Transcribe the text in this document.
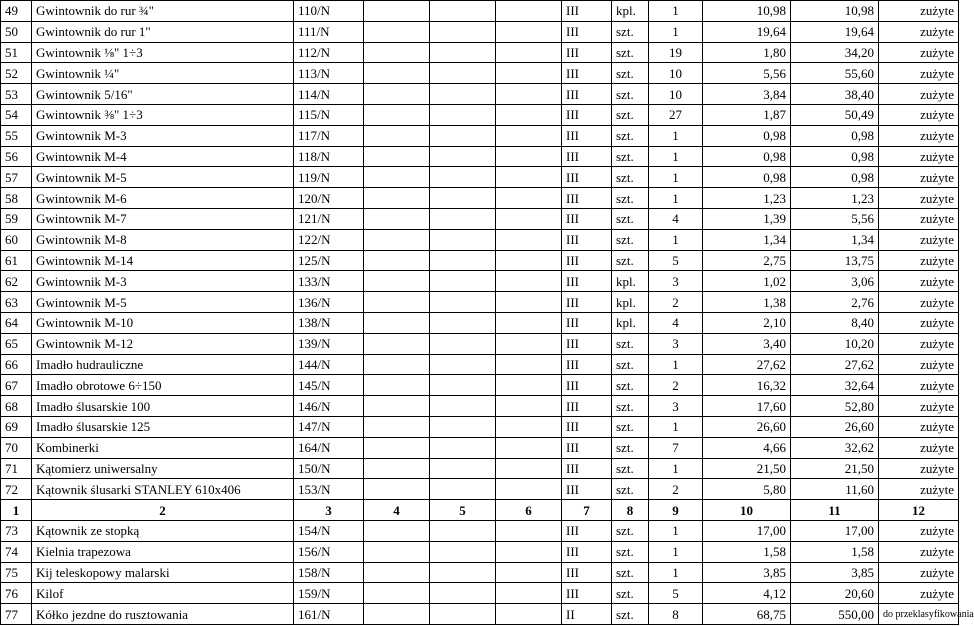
49	Gwintownik do rur ¾"	110/N				III	kpl.	1	10,98	10,98	zużyte
50	Gwintownik do rur 1"	111/N				III	szt.	1	19,64	19,64	zużyte
51	Gwintownik ⅛" 1÷3	112/N				III	szt.	19	1,80	34,20	zużyte
52	Gwintownik ¼"	113/N				III	szt.	10	5,56	55,60	zużyte
53	Gwintownik 5/16"	114/N				III	szt.	10	3,84	38,40	zużyte
54	Gwintownik ⅜" 1÷3	115/N				III	szt.	27	1,87	50,49	zużyte
55	Gwintownik M-3	117/N				III	szt.	1	0,98	0,98	zużyte
56	Gwintownik M-4	118/N				III	szt.	1	0,98	0,98	zużyte
57	Gwintownik M-5	119/N				III	szt.	1	0,98	0,98	zużyte
58	Gwintownik M-6	120/N				III	szt.	1	1,23	1,23	zużyte
59	Gwintownik M-7	121/N				III	szt.	4	1,39	5,56	zużyte
60	Gwintownik M-8	122/N				III	szt.	1	1,34	1,34	zużyte
61	Gwintownik M-14	125/N				III	szt.	5	2,75	13,75	zużyte
62	Gwintownik M-3	133/N				III	kpl.	3	1,02	3,06	zużyte
63	Gwintownik M-5	136/N				III	kpl.	2	1,38	2,76	zużyte
64	Gwintownik M-10	138/N				III	kpl.	4	2,10	8,40	zużyte
65	Gwintownik M-12	139/N				III	szt.	3	3,40	10,20	zużyte
66	Imadło hudrauliczne	144/N				III	szt.	1	27,62	27,62	zużyte
67	Imadło obrotowe 6÷150	145/N				III	szt.	2	16,32	32,64	zużyte
68	Imadło ślusarskie 100	146/N				III	szt.	3	17,60	52,80	zużyte
69	Imadło ślusarskie 125	147/N				III	szt.	1	26,60	26,60	zużyte
70	Kombinerki	164/N				III	szt.	7	4,66	32,62	zużyte
71	Kątomierz uniwersalny	150/N				III	szt.	1	21,50	21,50	zużyte
72	Kątownik ślusarki STANLEY 610x406	153/N				III	szt.	2	5,80	11,60	zużyte
1	2	3	4	5	6	7	8	9	10	11	12
73	Kątownik ze stopką	154/N				III	szt.	1	17,00	17,00	zużyte
74	Kielnia trapezowa	156/N				III	szt.	1	1,58	1,58	zużyte
75	Kij teleskopowy malarski	158/N				III	szt.	1	3,85	3,85	zużyte
76	Kilof	159/N				III	szt.	5	4,12	20,60	zużyte
77	Kółko jezdne do rusztowania	161/N				II	szt.	8	68,75	550,00	do przeklasyfikowania
